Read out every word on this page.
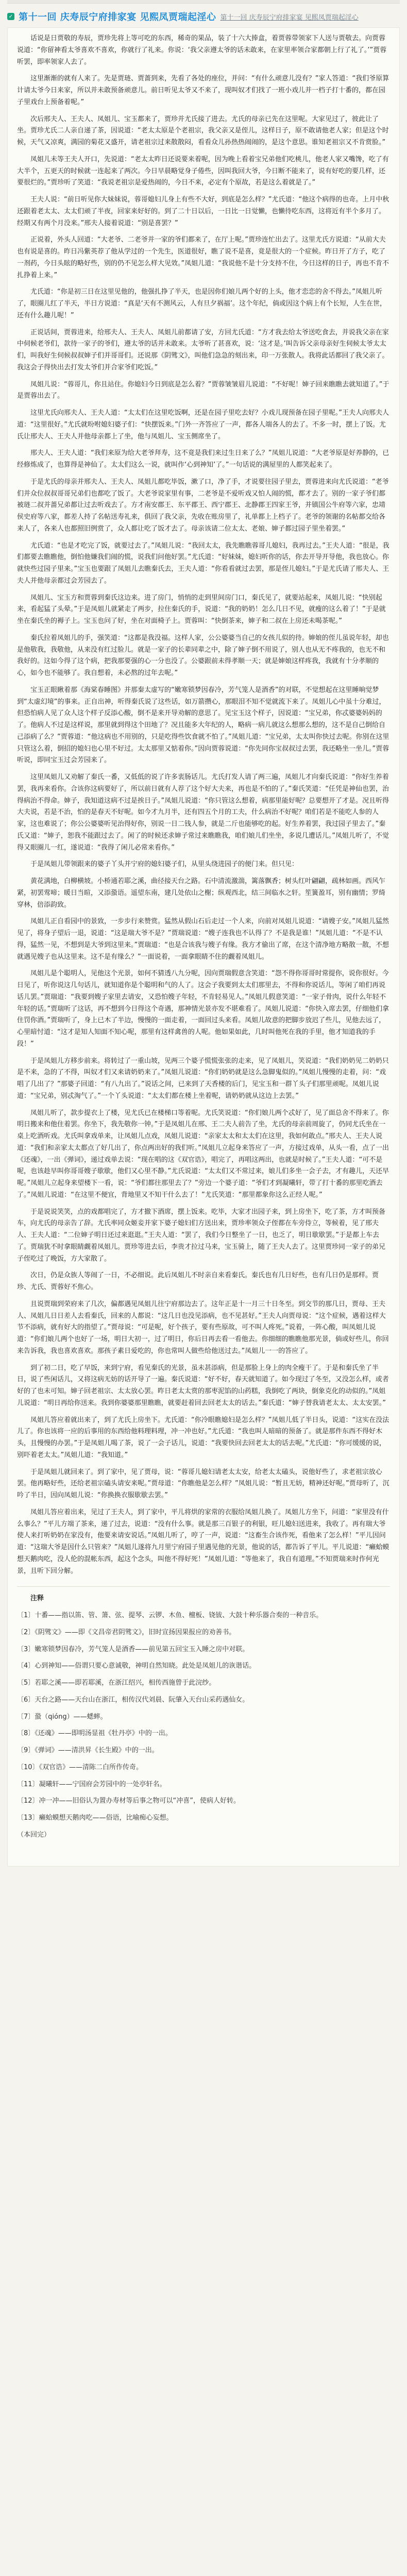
✓ 第十一回 庆寿辰宁府排家宴 见熙凤贾瑞起淫心 第十一回 庆寿辰宁府排家宴 见熙凤贾瑞起淫心

话说是日贾敬的寿辰，贾珍先将上等可吃的东西，稀奇的果品，装了十六大捧盒，着贾蓉带领家下人送与贾敬去。向贾蓉说道：“你留神看太爷喜欢不喜欢，你就行了礼来。你说：‘我父亲遵太爷的话未敢来，在家里率领合家都朝上行了礼了。’”贾蓉听罢，即率领家人去了。

这里渐渐的就有人来了。先是贾琏、贾蔷到来，先看了各处的座位，并问：“有什么顽意儿没有？”家人答道：“我们爷原算计请太爷今日来家，所以并未敢预备顽意儿。前日听见太爷又不来了，现叫奴才们找了一班小戏儿并一档子打十番的，都在园子里戏台上预备着呢。”

次后邢夫人、王夫人、凤姐儿、宝玉都来了，贾珍并尤氏接了进去。尤氏的母亲已先在这里呢。大家见过了，彼此让了坐。贾珍尤氏二人亲自递了茶，因说道：“老太太原是个老祖宗，我父亲又是侄儿，这样日子，原不敢请他老人家；但是这个时候，天气又凉爽，满园的菊花又盛开，请老祖宗过来散散闷，看看众儿孙热热闹闹的，是这个意思。谁知老祖宗又不肯赏脸。”

凤姐儿未等王夫人开口，先说道：“老太太昨日还说要来着呢，因为晚上看着宝兄弟他们吃桃儿，他老人家又嘴馋，吃了有大半个，五更天的时候就一连起来了两次。今日早晨略觉身子倦些，因叫我回大爷，今日断不能来了，说有好吃的要几样，还要很烂的。”贾珍听了笑道：“我说老祖宗是爱热闹的，今日不来，必定有个原故，若是这么着就是了。”

王夫人说：“前日听见你大妹妹说，蓉哥媳妇儿身上有些不大好，到底是怎么样？”尤氏道：“他这个病得的也奇。上月中秋还跟着老太太、太太们顽了半夜，回家来好好的。到了二十日以后，一日比一日觉懒，也懒待吃东西，这将近有半个多月了。经期又有两个月没来。”邢夫人接着说道：“别是喜罢？”

正说着，外头人回道：“大老爷、二老爷并一家的爷们都来了，在厅上呢。”贾珍连忙出去了。这里尤氏方说道：“从前大夫也有说是喜的。昨日冯紫英荐了他从学过的一个先生，医道很好，瞧了说不是喜，竟是很大的一个症候。昨日开了方子，吃了一剂药，今日头眩的略好些，别的仍不见怎么样大见效。”凤姐儿道：“我说他不是十分支持不住，今日这样的日子，再也不肯不扎挣着上来。”

尤氏道：“你是初三日在这里见他的，他强扎挣了半天，也是因你们娘儿两个好的上头，他才恋恋的舍不得去。”凤姐儿听了，眼圈儿红了半天，半日方说道：“真是‘天有不测风云，人有旦夕祸福’。这个年纪，倘或因这个病上有个长短，人生在世，还有什么趣儿呢！”

正说话间，贾蓉进来，给邢夫人、王夫人、凤姐儿前都请了安，方回尤氏道：“方才我去给太爷送吃食去，并说我父亲在家中伺候老爷们，款待一家子的爷们，遵太爷的话并未敢来。太爷听了甚喜欢，说：‘这才是。’叫告诉父亲母亲好生伺候太爷太太们，叫我好生伺候叔叔婶子们并哥哥们。还说那《阴骘文》，叫他们急急的刻出来，印一万张散人。我将此话都回了我父亲了。我这会子得快出去打发太爷们并合家爷们吃饭。”

凤姐儿说：“蓉哥儿，你且站住。你媳妇今日到底是怎么着？”贾蓉皱皱眉儿说道：“不好呢！婶子回来瞧瞧去就知道了。”于是贾蓉出去了。

这里尤氏向邢夫人、王夫人道：“太太们在这里吃饭啊，还是在园子里吃去好？小戏儿现预备在园子里呢。”王夫人向邢夫人道：“这里很好。”尤氏就吩咐媳妇婆子们：“快摆饭来。”门外一齐答应了一声，都各人端各人的去了。不多一时，摆上了饭。尤氏让邢夫人、王夫人并他母亲都上了坐，他与凤姐儿、宝玉侧席坐了。

邢夫人、王夫人道：“我们来原为给大老爷拜寿，这不竟是我们来过生日来了么？”凤姐儿说道：“大老爷原是好养静的，已经修炼成了，也算得是神仙了。太太们这么一说，就叫作‘心到神知’了。”一句话说的满屋里的人都笑起来了。

于是尤氏的母亲并邢夫人、王夫人、凤姐儿都吃毕饭，漱了口，净了手，才说要往园子里去，贾蓉进来向尤氏说道：“老爷们并众位叔叔哥哥兄弟们也都吃了饭了。大老爷说家里有事，二老爷是不爱听戏又怕人闹的慌，都才去了。别的一家子爷们都被琏二叔并蔷兄弟都让过去听戏去了。方才南安郡王、东平郡王、西宁郡王、北静郡王四家王爷，并镇国公牛府等六家，忠靖侯史府等八家，都差人持了名帖送寿礼来，俱回了我父亲，先收在账房里了，礼单都上上档子了。老爷的领谢的名帖都交给各来人了，各来人也都照旧例赏了，众人都让吃了饭才去了。母亲该请二位太太、老娘、婶子都过园子里坐着罢。”

尤氏道：“也是才吃完了饭，就要过去了。”凤姐儿说：“我回太太，我先瞧瞧蓉哥儿媳妇，我再过去。”王夫人道：“很是，我们都要去瞧瞧他，倒怕他嫌我们闹的慌，说我们问他好罢。”尤氏道：“好妹妹，媳妇听你的话，你去开导开导他，我也放心。你就快些过园子里来。”宝玉也要跟了凤姐儿去瞧秦氏去，王夫人道：“你看看就过去罢，那是侄儿媳妇。”于是尤氏请了邢夫人、王夫人并他母亲都过会芳园去了。

凤姐儿、宝玉方和贾蓉到秦氏这边来。进了房门，悄悄的走到里间房门口，秦氏见了，就要站起来，凤姐儿说：“快别起来，看起猛了头晕。”于是凤姐儿就紧走了两步，拉住秦氏的手，说道：“我的奶奶！怎么几日不见，就瘦的这么着了！”于是就坐在秦氏坐的褥子上。宝玉也问了好，坐在对面椅子上。贾蓉叫：“快倒茶来，婶子和二叔在上房还未喝茶呢。”

秦氏拉着凤姐儿的手，强笑道：“这都是我没福。这样人家，公公婆婆当自己的女孩儿似的待。婶娘的侄儿虽说年轻，却也是他敬我，我敬他，从来没有红过脸儿。就是一家子的长辈同辈之中，除了婶子倒不用说了，别人也从无不疼我的，也无不和我好的。这如今得了这个病，把我那要强的心一分也没了。公婆跟前未得孝顺一天；就是婶娘这样疼我，我就有十分孝顺的心，如今也不能够了。我自想着，未必熬的过年去呢。”

宝玉正眼瞅着那《海棠春睡图》并那秦太虚写的“嫩寒锁梦因春冷，芳气笼人是酒香”的对联，不觉想起在这里睡晌觉梦到“太虚幻境”的事来。正自出神，听得秦氏说了这些话，如万箭攒心，那眼泪不知不觉就流下来了。凤姐儿心中虽十分难过，但恐怕病人见了众人这个样子反添心酸，倒不是来开导劝解的意思了。见宝玉这个样子，因说道：“宝兄弟，你忒婆婆妈妈的了。他病人不过是这样说，那里就到得这个田地了？况且能多大年纪的人，略病一病儿就这么想那么想的，这不是自己倒给自己添病了么？”贾蓉道：“他这病也不用别的，只是吃得些饮食就不怕了。”凤姐儿道：“宝兄弟，太太叫你快过去呢。你别在这里只管这么着，倒招的媳妇也心里不好过。太太那里又惦着你。”因向贾蓉说道：“你先同你宝叔叔过去罢，我还略坐一坐儿。”贾蓉听说，即同宝玉过会芳园来了。

这里凤姐儿又劝解了秦氏一番，又低低的说了许多衷肠话儿。尤氏打发人请了两三遍，凤姐儿才向秦氏说道：“你好生养着罢，我再来看你。合该你这病要好了，所以前日就有人荐了这个好大夫来，再也是不怕的了。”秦氏笑道：“任凭是神仙也罢，治得病治不得命。婶子，我知道这病不过是挨日子。”凤姐儿说道：“你只管这么想着，病那里能好呢？总要想开了才是。况且听得大夫说，若是不治，怕的是春天不好呢。如今才九月半，还有四五个月的工夫，什么病治不好呢？咱们若是不能吃人参的人家，这也难说了；你公公婆婆听见治得好你，别说一日二钱人参，就是二斤也能够吃的起。好生养着罢，我过园子里去了。”秦氏又道：“婶子，恕我不能跟过去了。闲了的时候还求婶子常过来瞧瞧我，咱们娘儿们坐坐，多说几遭话儿。”凤姐儿听了，不觉得又眼圈儿一红，遂说道：“我得了闲儿必常来看你。”

于是凤姐儿带领跟来的婆子丫头并宁府的媳妇婆子们，从里头绕进园子的便门来。但只见：

黄花满地，白柳横坡。小桥通若耶之溪，曲径接天台之路。石中清流激湍，篱落飘香；树头红叶翩翩，疏林如画。西风乍紧，初罢莺啼；暖日当暄，又添蛩语。遥望东南，建几处依山之榭；纵观西北，结三间临水之轩。笙簧盈耳，别有幽情；罗绮穿林，倍添韵致。

凤姐儿正自看园中的景致，一步步行来赞赏。猛然从假山石后走过一个人来，向前对凤姐儿说道：“请嫂子安。”凤姐儿猛然见了，将身子望后一退，说道：“这是瑞大爷不是？”贾瑞说道：“嫂子连我也不认得了？不是我是谁！”凤姐儿道：“不是不认得，猛然一见，不想到是大爷到这里来。”贾瑞道：“也是合该我与嫂子有缘。我方才偷出了席，在这个清净地方略散一散，不想就遇见嫂子也从这里来。这不是有缘么？”一面说着，一面拿眼睛不住的觑着凤姐儿。

凤姐儿是个聪明人，见他这个光景，如何不猜透八九分呢，因向贾瑞假意含笑道：“怨不得你哥哥时常提你，说你很好。今日见了，听你说这几句话儿，就知道你是个聪明和气的人了。这会子我要到太太们那里去，不得和你说话儿，等闲了咱们再说话儿罢。”贾瑞道：“我要到嫂子家里去请安，又恐怕嫂子年轻，不肯轻易见人。”凤姐儿假意笑道：“一家子骨肉，说什么年轻不年轻的话。”贾瑞听了这话，再不想到今日得这个奇遇，那神情光景亦发不堪难看了。凤姐儿说道：“你快入席去罢，仔细他们拿住罚你酒。”贾瑞听了，身上已木了半边，慢慢的一面走着，一面回过头来看。凤姐儿故意的把脚步放迟了些儿，见他去远了，心里暗忖道：“这才是知人知面不知心呢，那里有这样禽兽的人呢。他如果如此，几时叫他死在我的手里，他才知道我的手段！”

于是凤姐儿方移步前来。将转过了一重山坡，见两三个婆子慌慌张张的走来，见了凤姐儿，笑说道：“我们奶奶见二奶奶只是不来，急的了不得，叫奴才们又来请奶奶来了。”凤姐儿说道：“你们奶奶就是这么急脚鬼似的。”凤姐儿慢慢的走着，问：“戏唱了几出了？”那婆子回道：“有八九出了。”说话之间，已来到了天香楼的后门，见宝玉和一群丫头子们那里顽呢。凤姐儿说道：“宝兄弟，别忒淘气了。”一个丫头说道：“太太们都在楼上坐着呢，请奶奶就从这边上去罢。”

凤姐儿听了，款步提衣上了楼，见尤氏已在楼梯口等着呢。尤氏笑说道：“你们娘儿两个忒好了，见了面总舍不得来了。你明日搬来和他住着罢。你坐下，我先敬你一钟。”于是凤姐儿在邢、王二夫人前告了坐，尤氏的母亲前周旋了，仍同尤氏坐在一桌上吃酒听戏。尤氏叫拿戏单来，让凤姐儿点戏，凤姐儿说道：“亲家太太和太太们在这里，我如何敢点。”邢夫人、王夫人说道：“我们和亲家太太都点了好几出了，你点两出好的我们听。”凤姐儿立起身来答应了一声，方接过戏单，从头一看，点了一出《还魂》，一出《弹词》，递过戏单去说：“现在唱的这《双官诰》，唱完了，再唱这两出，也就是时候了。”王夫人道：“可不是呢，也该趁早叫你哥哥嫂子歇歇，他们又心里不静。”尤氏说道：“太太们又不常过来，娘儿们多坐一会子去，才有趣儿，天还早呢。”凤姐儿立起身来望楼下一看，说：“爷们都往那里去了？”旁边一个婆子道：“爷们才到凝曦轩，带了打十番的那里吃酒去了。”凤姐儿说道：“在这里不便宜，背地里又不知干什么去了！”尤氏笑道：“那里都象你这么正经人呢。”

于是说说笑笑，点的戏都唱完了，方才撤下酒席，摆上饭来。吃毕，大家才出园子来，到上房坐下，吃了茶，方才叫预备车，向尤氏的母亲告了辞。尤氏率同众姬妾并家下婆子媳妇们方送出来，贾珍率领众子侄都在车旁侍立，等候着，见了邢夫人、王夫人道：“二位婶子明日还过来逛逛。”王夫人道：“罢了，我们今日整坐了一日，也乏了，明日歇歇罢。”于是都上车去了。贾瑞犹不时拿眼睛觑着凤姐儿。贾珍等进去后，李贵才拉过马来，宝玉骑上，随了王夫人去了。这里贾珍同一家子的弟兄子侄吃过了晚饭，方大家散了。

次日，仍是众族人等闹了一日，不必细说。此后凤姐儿不时亲自来看秦氏。秦氏也有几日好些，也有几日仍是那样。贾珍、尤氏、贾蓉好不焦心。

且说贾瑞到荣府来了几次，偏都遇见凤姐儿往宁府那边去了。这年正是十一月三十日冬至。到交节的那几日，贾母、王夫人、凤姐儿日日差人去看秦氏，回来的人都说：“这几日也没见添病，也不见甚好。”王夫人向贾母说：“这个症候，遇着这样大节不添病，就有好大的指望了。”贾母说：“可是呢，好个孩子，要有些原故，可不叫人疼死。”说着，一阵心酸，叫凤姐儿说道：“你们娘儿两个也好了一场，明日大初一，过了明日，你后日再去看一看他去。你细细的瞧瞧他那光景，倘或好些儿，你回来告诉我，我也喜欢喜欢。那孩子素日爱吃的，你也常叫人做些给他送过去。”凤姐儿一一的答应了。

到了初二日，吃了早饭，来到宁府，看见秦氏的光景，虽未甚添病，但是那脸上身上的肉全瘦干了。于是和秦氏坐了半日，说了些闲话儿，又将这病无妨的话开导了一遍。秦氏说道：“好不好，春天就知道了。如今现过了冬至，又没怎么样，或者好的了也未可知。婶子回老祖宗、太太放心罢。昨日老太太赏的那枣泥馅的山药糕，我倒吃了两块，倒象克化的动似的。”凤姐儿说道：“明日再给你送来。我到你婆婆那里瞧瞧，就要赶着回去回老太太的话去。”秦氏道：“婶子替我请老太太、太太安罢。”

凤姐儿答应着就出来了，到了尤氏上房坐下。尤氏道：“你冷眼瞧媳妇是怎么样？”凤姐儿低了半日头，说道：“这实在没法儿了。你也该将一应的后事用的东西给他料理料理，冲一冲也好。”尤氏道：“我也叫人暗暗的预备了。就是那件东西不得好木头，且慢慢的办罢。”于是凤姐儿喝了茶，说了一会子话儿，说道：“我要快回去回老太太的话去呢。”尤氏道：“你可缓缓的说，别吓着老太太。”凤姐儿道：“我知道。”

于是凤姐儿就回来了。到了家中，见了贾母，说：“蓉哥儿媳妇请老太太安，给老太太磕头，说他好些了，求老祖宗放心罢。他再略好些，还给老祖宗磕头请安来呢。”贾母道：“你瞧他是怎么样？”凤姐儿说：“暂且无妨，精神还好呢。”贾母听了，沉吟了半日，因向凤姐儿说：“你换换衣服歇歇去罢。”

凤姐儿答应着出来，见过了王夫人，到了家中，平儿将烘的家常的衣服给凤姐儿换了。凤姐儿方坐下，问道：“家里没有什么事么？”平儿方端了茶来，递了过去，说道：“没有什么事。就是那三百银子的利银，旺儿媳妇送进来，我收了。再有瑞大爷使人来打听奶奶在家没有，他要来请安说话。”凤姐儿听了，哼了一声，说道：“这畜生合该作死，看他来了怎么样！”平儿因问道：“这瑞大爷是因什么只管来？”凤姐儿遂将九月里宁府园子里遇见他的光景，他说的话，都告诉了平儿。平儿说道：“癞蛤蟆想天鹅肉吃，没人伦的混帐东西，起这个念头，叫他不得好死！”凤姐儿道：“等他来了，我自有道理。”不知贾瑞来时作何光景，且听下回分解。

注释

〔1〕十番——指以笛、管、箫、弦、提琴、云锣、木鱼、檀板、铙钹、大鼓十种乐器合奏的一种音乐。

〔2〕《阴骘文》——即《文昌帝君阴骘文》，旧时宣扬因果报应的劝善书。

〔3〕嫩寒锁梦因春冷，芳气笼人是酒香——前见第五回宝玉入睡之房中对联。

〔4〕心到神知——俗谓只要心意诚敬，神明自然知晓。此处是凤姐儿的诙谐话。

〔5〕若耶之溪——即若耶溪，在浙江绍兴，相传西施曾于此浣纱。

〔6〕天台之路——天台山在浙江，相传汉代刘晨、阮肇入天台山采药遇仙女。

〔7〕蛩（qióng）——蟋蟀。

〔8〕《还魂》——即明汤显祖《牡丹亭》中的一出。

〔9〕《弹词》——清洪昇《长生殿》中的一出。

〔10〕《双官诰》——清陈二白所作传奇。

〔11〕凝曦轩——宁国府会芳园中的一处亭轩名。

〔12〕冲一冲——旧俗认为置办寿材等后事之物可以“冲喜”，使病人好转。

〔13〕癞蛤蟆想天鹅肉吃——俗语，比喻痴心妄想。

（本回完）
